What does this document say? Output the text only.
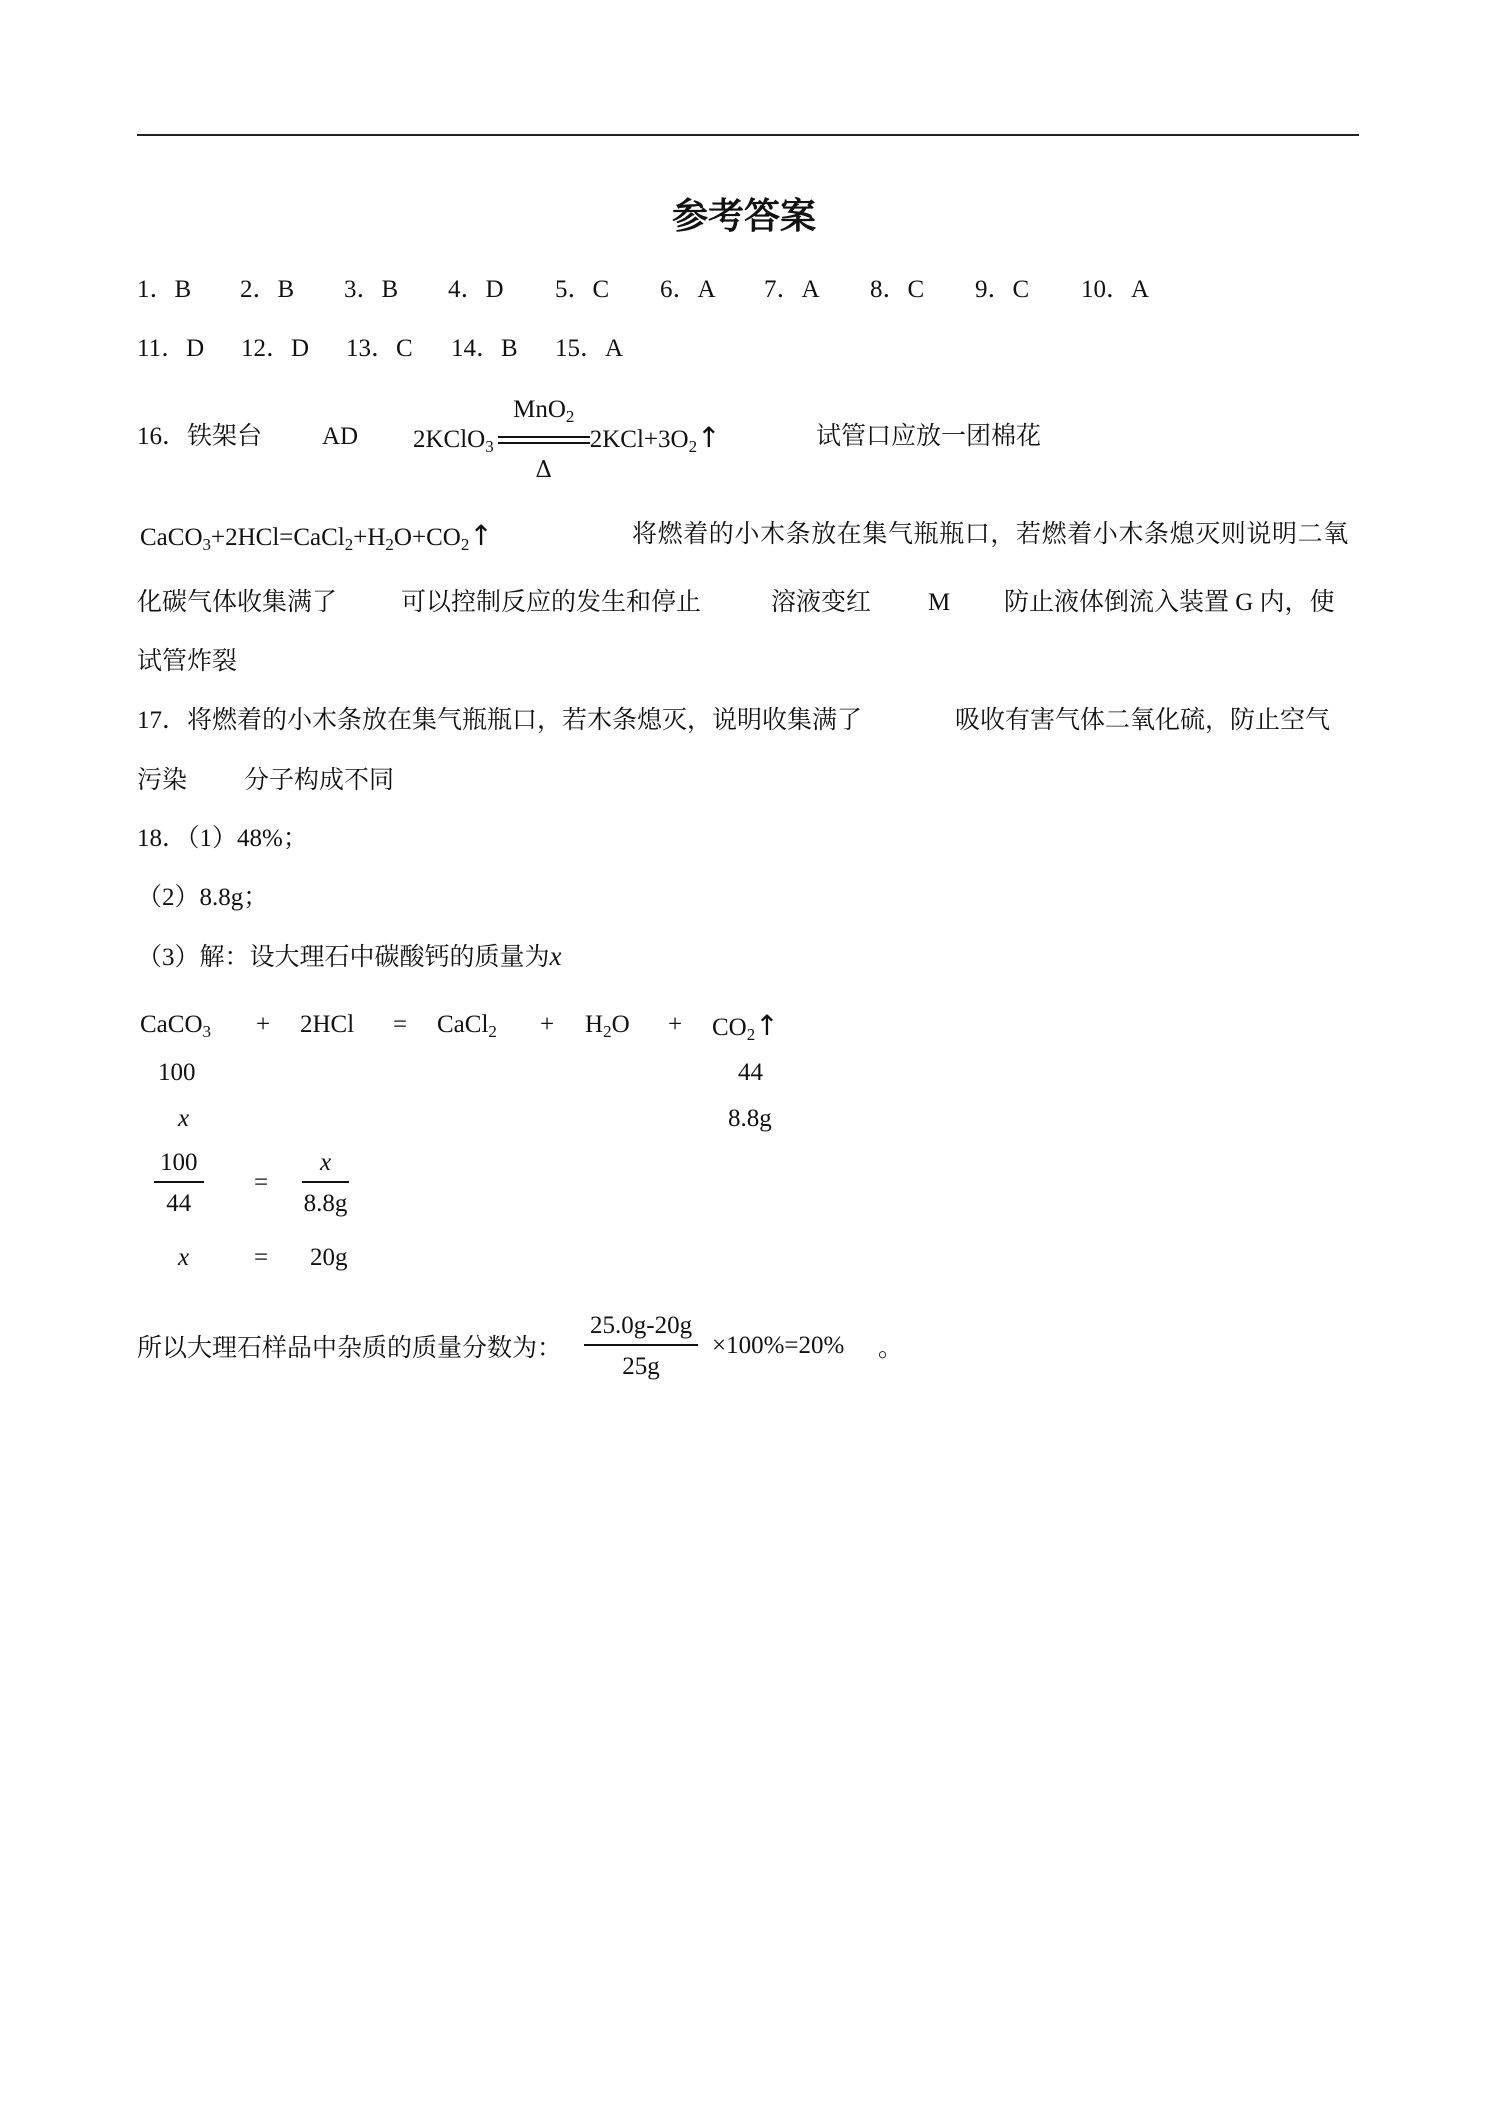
参考答案
1．B 2．B 3．B 4．D 5．C 6．A 7．A 8．C 9．C 10．A
11．D 12．D 13．C 14．B 15．A
16．铁架台 AD 2KClO$_3$
MnO$_2$
Δ
$2KCl+3O_2↑$	试管口应放一团棉花
$CaCO_3+2HCl=CaCl_2+H_2O+CO_2↑$	将燃着的小木条放在集气瓶瓶口，若燃着小木条熄灭则说明二氧
化碳气体收集满了	可以控制反应的发生和停止	溶液变红 M 防止液体倒流入装置 G 内，使
试管炸裂
17．将燃着的小木条放在集气瓶瓶口，若木条熄灭，说明收集满了	吸收有害气体二氧化硫，防止空气
污染 分子构成不同
18．（1）48%；
（2）8.8g；
（3）解：设大理石中碳酸钙的质量为x
CaCO$_3$ + 2HCl = CaCl$_2$ + $H_2O$ + $CO_2↑$
100	44
x	8.8g
$\frac{100}{44} = \frac{x}{8.8g}$
x	= 20g
所以大理石样品中杂质的质量分数为： $\frac{25.0g-20g}{25g} \times 100\%=20\%$ 。
